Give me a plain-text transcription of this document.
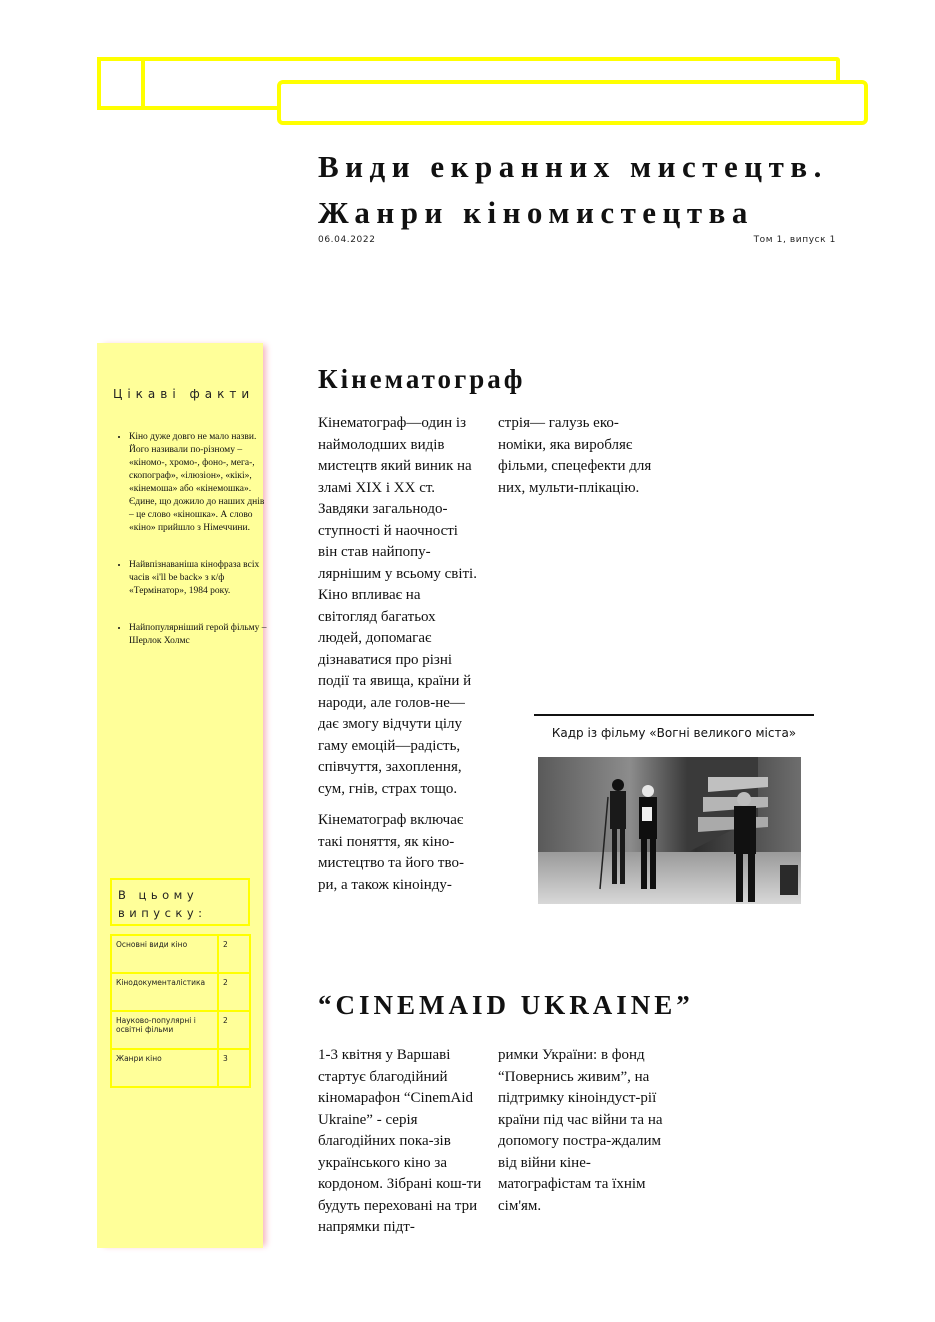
Види екранних мистецтв.
Жанри кіномистецтва
06.04.2022	Том 1, випуск 1
Цікаві факти
• Кіно дуже довго не мало назви. Його називали по-різному – «кіномо-, хромо-, фоно-, мега-, скопограф», «ілюзіон», «кікі», «кінемоша» або «кінемошка». Єдине, що дожило до наших днів – це слово «кіношка». А слово «кіно» прийшло з Німеччини.
• Найвпізнаваніша кінофраза всіх часів «i'll be back» з к/ф «Термінатор», 1984 року.
• Найпопулярніший герой фільму – Шерлок Холмс
В цьому випуску:
Основні види кіно	2
Кінодокументалістика	2
Науково-популярні і освітні фільми	2
Жанри кіно	3
Кінематограф

Кінематограф—один із наймолодших видів мистецтв який виник на зламі XIX і XX ст. Завдяки загальнодо-ступності й наочності він став найпопу-лярнішим у всьому світі. Кіно впливає на світогляд багатьох людей, допомагає дізнаватися про різні події та явища, країни й народи, але голов-не—дає змогу відчути цілу гаму емоцій—радість, співчуття, захоплення, сум, гнів, страх тощо.

Кінематограф включає такі поняття, як кіно-мистецтво та його тво-ри, а також кіноінду-

стрія— галузь еко-номіки, яка виробляє фільми, спецефекти для них, мульти-плікацію.

Кадр із фільму «Вогні великого міста»
“CINEMAID UKRAINE”

1-3 квітня у Варшаві стартує благодійний кіномарафон “CinemAid Ukraine” - серія благодійних пока-зів українського кіно за кордоном. Зібрані кош-ти будуть переховані на три напрямки підт-

римки України: в фонд “Повернись живим”, на підтримку кіноіндуст-рії країни під час війни та на допомогу постра-ждалим від війни кіне-матографістам та їхнім сім'ям.
